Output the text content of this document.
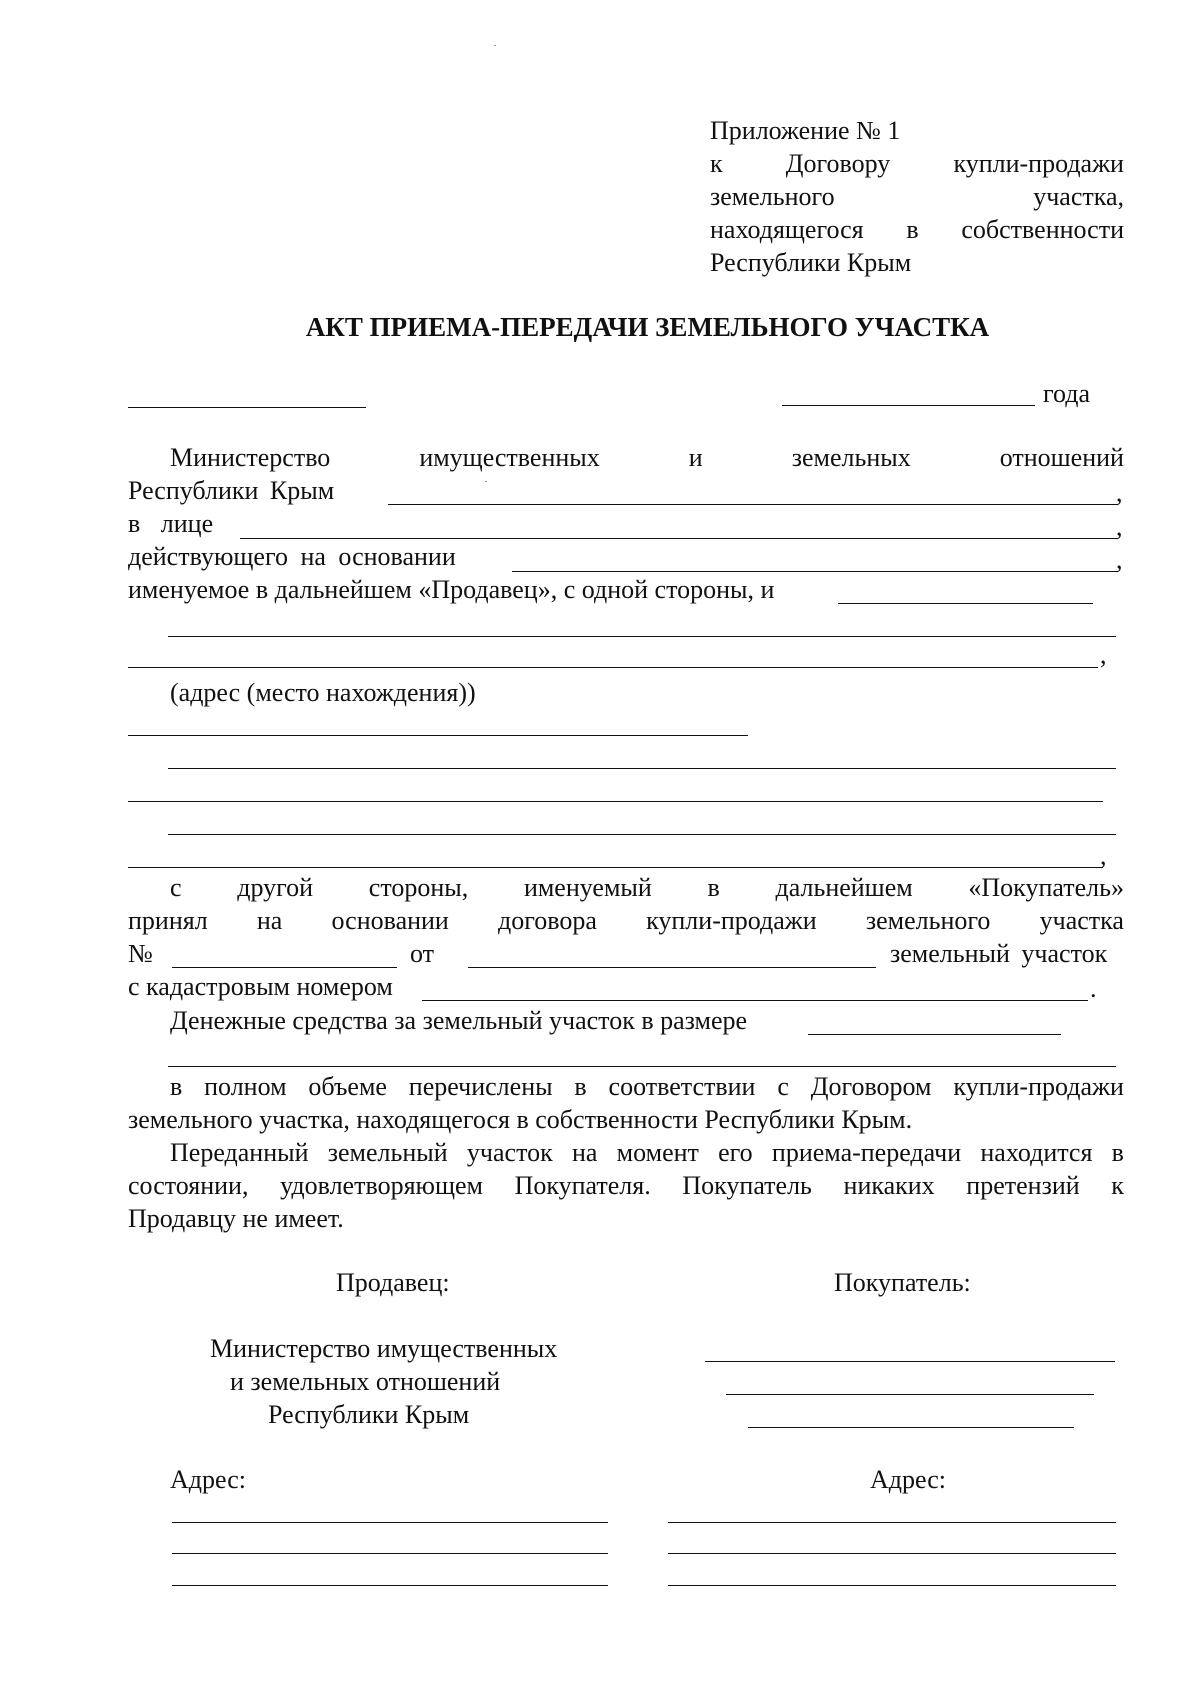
Приложение № 1
к Договору купли-продажи
земельного	участка,
находящегося в собственности
Республики Крым
АКТ ПРИЕМА-ПЕРЕДАЧИ ЗЕМЕЛЬНОГО УЧАСТКА
года
Министерство	имущественных	и	земельных	отношений
Республики Крым	,
в лице	,
действующего на основании	,
именуемое в дальнейшем «Продавец», с одной стороны, и
,
(адрес (место нахождения))
,
с другой стороны, именуемый в дальнейшем «Покупатель»
принял на основании договора купли-продажи земельного участка
№	от	земельный участок
с кадастровым номером	.
Денежные средства за земельный участок в размере
в полном объеме перечислены в соответствии с Договором купли-продажи
земельного участка, находящегося в собственности Республики Крым.
Переданный земельный участок на момент его приема-передачи находится в
состоянии, удовлетворяющем Покупателя. Покупатель никаких претензий к
Продавцу не имеет.
Продавец:	Покупатель:
Министерство имущественных
и земельных отношений
Республики Крым
Адрес:	Адрес:
